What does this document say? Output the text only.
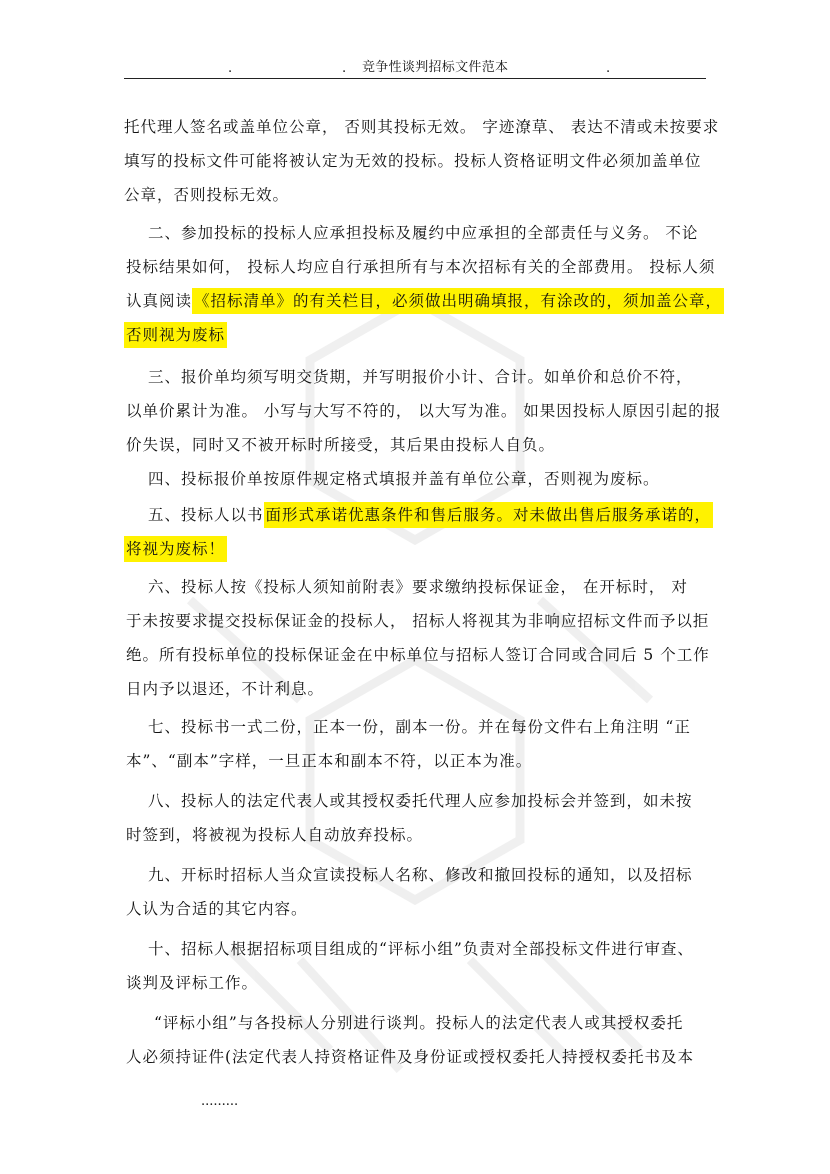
.	. 竞争性谈判招标文件范本	.
托代理人签名或盖单位公章， 否则其投标无效。 字迹潦草、 表达不清或未按要求
填写的投标文件可能将被认定为无效的投标。投标人资格证明文件必须加盖单位
公章，否则投标无效。
二、参加投标的投标人应承担投标及履约中应承担的全部责任与义务。 不论
投标结果如何， 投标人均应自行承担所有与本次招标有关的全部费用。 投标人须
认真阅读 《招标清单》的有关栏目，必须做出明确填报，有涂改的，须加盖公章，
否则视为废标
三、报价单均须写明交货期，并写明报价小计、合计。如单价和总价不符，
以单价累计为准。 小写与大写不符的， 以大写为准。 如果因投标人原因引起的报
价失误，同时又不被开标时所接受，其后果由投标人自负。
四、投标报价单按原件规定格式填报并盖有单位公章，否则视为废标。
五、投标人以书 面形式承诺优惠条件和售后服务。对未做出售后服务承诺的，
将视为废标！
六、投标人按《投标人须知前附表》要求缴纳投标保证金， 在开标时， 对
于未按要求提交投标保证金的投标人， 招标人将视其为非响应招标文件而予以拒
绝。所有投标单位的投标保证金在中标单位与招标人签订合同或合同后 5 个工作
日内予以退还，不计利息。
七、投标书一式二份，正本一份，副本一份。并在每份文件右上角注明 “正
本”、“副本”字样，一旦正本和副本不符，以正本为准。
八、投标人的法定代表人或其授权委托代理人应参加投标会并签到，如未按
时签到，将被视为投标人自动放弃投标。
九、开标时招标人当众宣读投标人名称、修改和撤回投标的通知，以及招标
人认为合适的其它内容。
十、招标人根据招标项目组成的“评标小组”负责对全部投标文件进行审查、
谈判及评标工作。
“评标小组”与各投标人分别进行谈判。投标人的法定代表人或其授权委托
人必须持证件(法定代表人持资格证件及身份证或授权委托人持授权委托书及本
.........
